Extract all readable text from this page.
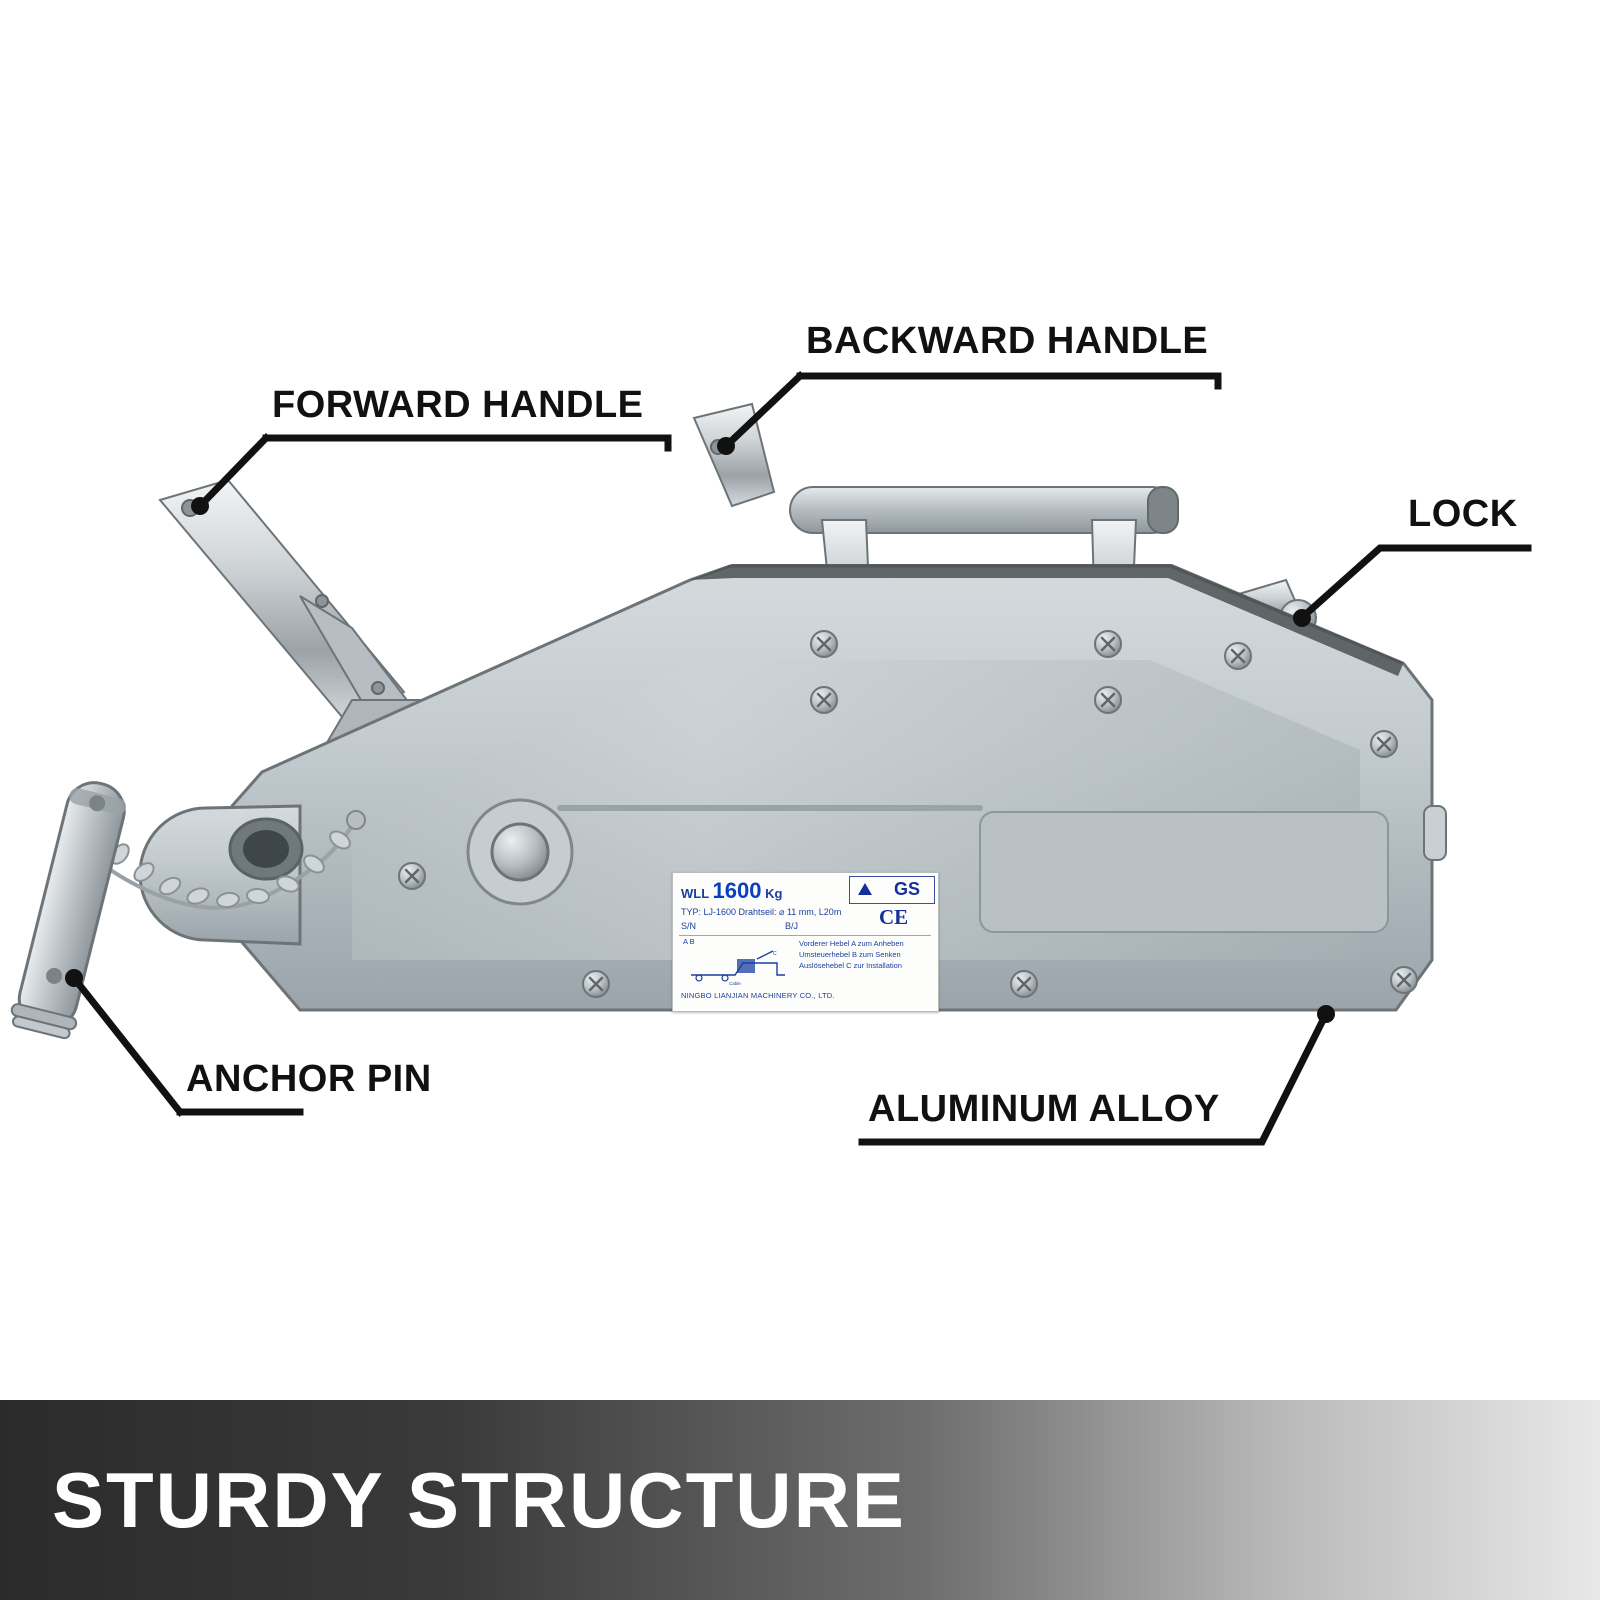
WLL 1600 Kg	GS
CE
TYP: LJ-1600 Drahtseil: ⌀ 11 mm, L20m
S/N	B/J
A B
C
Cable
Vorderer Hebel A zum Anheben
Umsteuerhebel B zum Senken
Auslösehebel C zur Installation
NINGBO LIANJIAN MACHINERY CO., LTD.
FORWARD HANDLE
BACKWARD HANDLE
LOCK
ANCHOR PIN
ALUMINUM ALLOY
STURDY STRUCTURE
